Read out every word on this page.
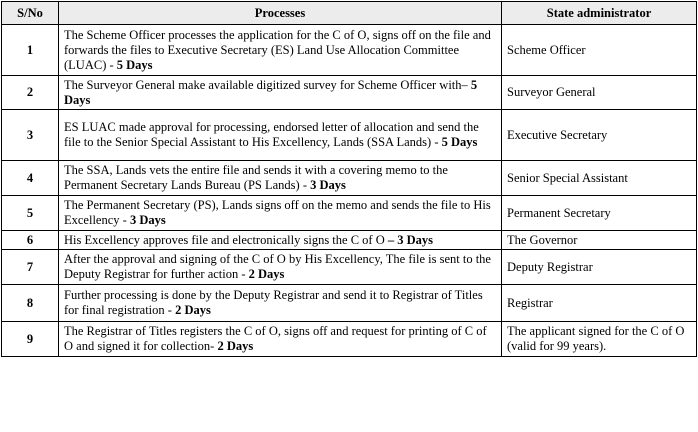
S/No	Processes	State administrator
1	The Scheme Officer processes the application for the C of O, signs off on the file and forwards the files to Executive Secretary (ES) Land Use Allocation Committee (LUAC) - 5 Days	Scheme Officer
2	The Surveyor General make available digitized survey for Scheme Officer with– 5 Days	Surveyor General
3	ES LUAC made approval for processing, endorsed letter of allocation and send the file to the Senior Special Assistant to His Excellency, Lands (SSA Lands) - 5 Days	Executive Secretary
4	The SSA, Lands vets the entire file and sends it with a covering memo to the Permanent Secretary Lands Bureau (PS Lands) - 3 Days	Senior Special Assistant
5	The Permanent Secretary (PS), Lands signs off on the memo and sends the file to His Excellency - 3 Days	Permanent Secretary
6	His Excellency approves file and electronically signs the C of O – 3 Days	The Governor
7	After the approval and signing of the C of O by His Excellency, The file is sent to the Deputy Registrar for further action - 2 Days	Deputy Registrar
8	Further processing is done by the Deputy Registrar and send it to Registrar of Titles for final registration - 2 Days	Registrar
9	The Registrar of Titles registers the C of O, signs off and request for printing of C of O and signed it for collection- 2 Days	The applicant signed for the C of O (valid for 99 years).
